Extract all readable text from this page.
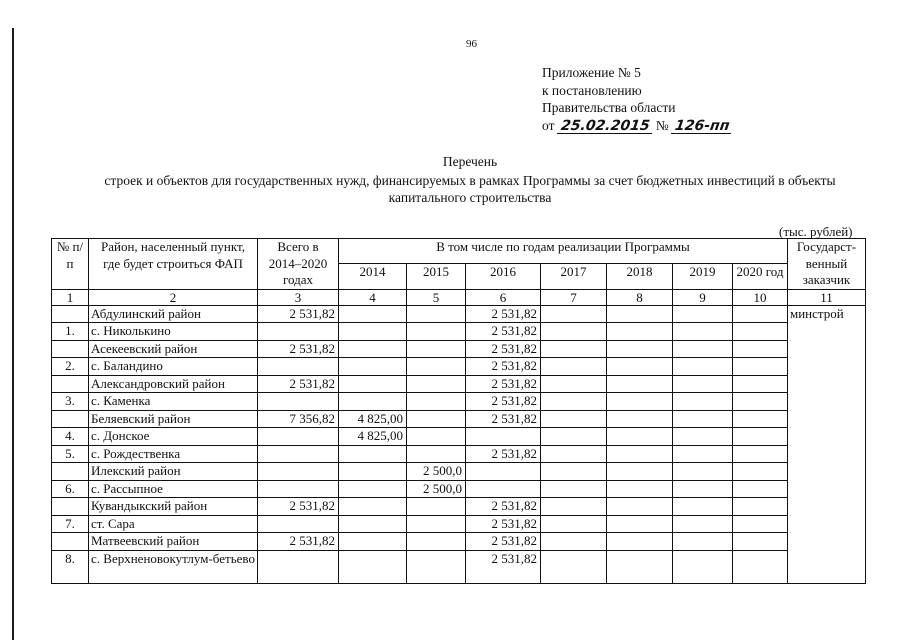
96
Приложение № 5
к постановлению
Правительства области
от 25.02.2015 № 126-пп
Перечень
строек и объектов для государственных нужд, финансируемых в рамках Программы за счет бюджетных инвестиций в объекты
капитального строительства
(тыс. рублей)
№ п/п	Район, населенный пункт, где будет строиться ФАП	Всего в 2014–2020 годах	В том числе по годам реализации Программы							Государст-венный заказчик
			2014	2015	2016	2017	2018	2019	2020 год	
1	2	3	4	5	6	7	8	9	10	11
	Абдулинский район	2 531,82			2 531,82					минстрой
1.	с. Николькино				2 531,82					
	Асекеевский район	2 531,82			2 531,82					
2.	с. Баландино				2 531,82					
	Александровский район	2 531,82			2 531,82					
3.	с. Каменка				2 531,82					
	Беляевский район	7 356,82	4 825,00		2 531,82					
4.	с. Донское		4 825,00							
5.	с. Рождественка				2 531,82					
	Илекский район			2 500,0						
6.	с. Рассыпное			2 500,0						
	Кувандыкский район	2 531,82			2 531,82					
7.	ст. Сара				2 531,82					
	Матвеевский район	2 531,82			2 531,82					
8.	с. Верхненовокутлум-бетьево				2 531,82					
